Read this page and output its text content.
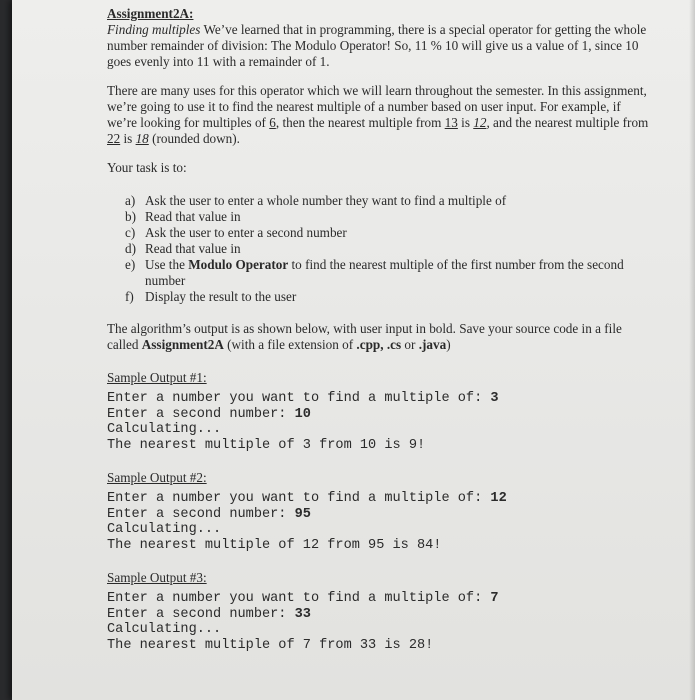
Assignment2A:

Finding multiples We’ve learned that in programming, there is a special operator for getting the whole number remainder of division: The Modulo Operator! So, 11 % 10 will give us a value of 1, since 10 goes evenly into 11 with a remainder of 1.

There are many uses for this operator which we will learn throughout the semester. In this assignment, we’re going to use it to find the nearest multiple of a number based on user input. For example, if we’re looking for multiples of 6, then the nearest multiple from 13 is 12, and the nearest multiple from 22 is 18 (rounded down).

Your task is to:

a) Ask the user to enter a whole number they want to find a multiple of
b) Read that value in
c) Ask the user to enter a second number
d) Read that value in
e) Use the Modulo Operator to find the nearest multiple of the first number from the second number
f) Display the result to the user

The algorithm’s output is as shown below, with user input in bold. Save your source code in a file called Assignment2A (with a file extension of .cpp, .cs or .java)

Sample Output #1:
Enter a number you want to find a multiple of: 3
Enter a second number: 10
Calculating...
The nearest multiple of 3 from 10 is 9!
Sample Output #2:
Enter a number you want to find a multiple of: 12
Enter a second number: 95
Calculating...
The nearest multiple of 12 from 95 is 84!
Sample Output #3:
Enter a number you want to find a multiple of: 7
Enter a second number: 33
Calculating...
The nearest multiple of 7 from 33 is 28!
